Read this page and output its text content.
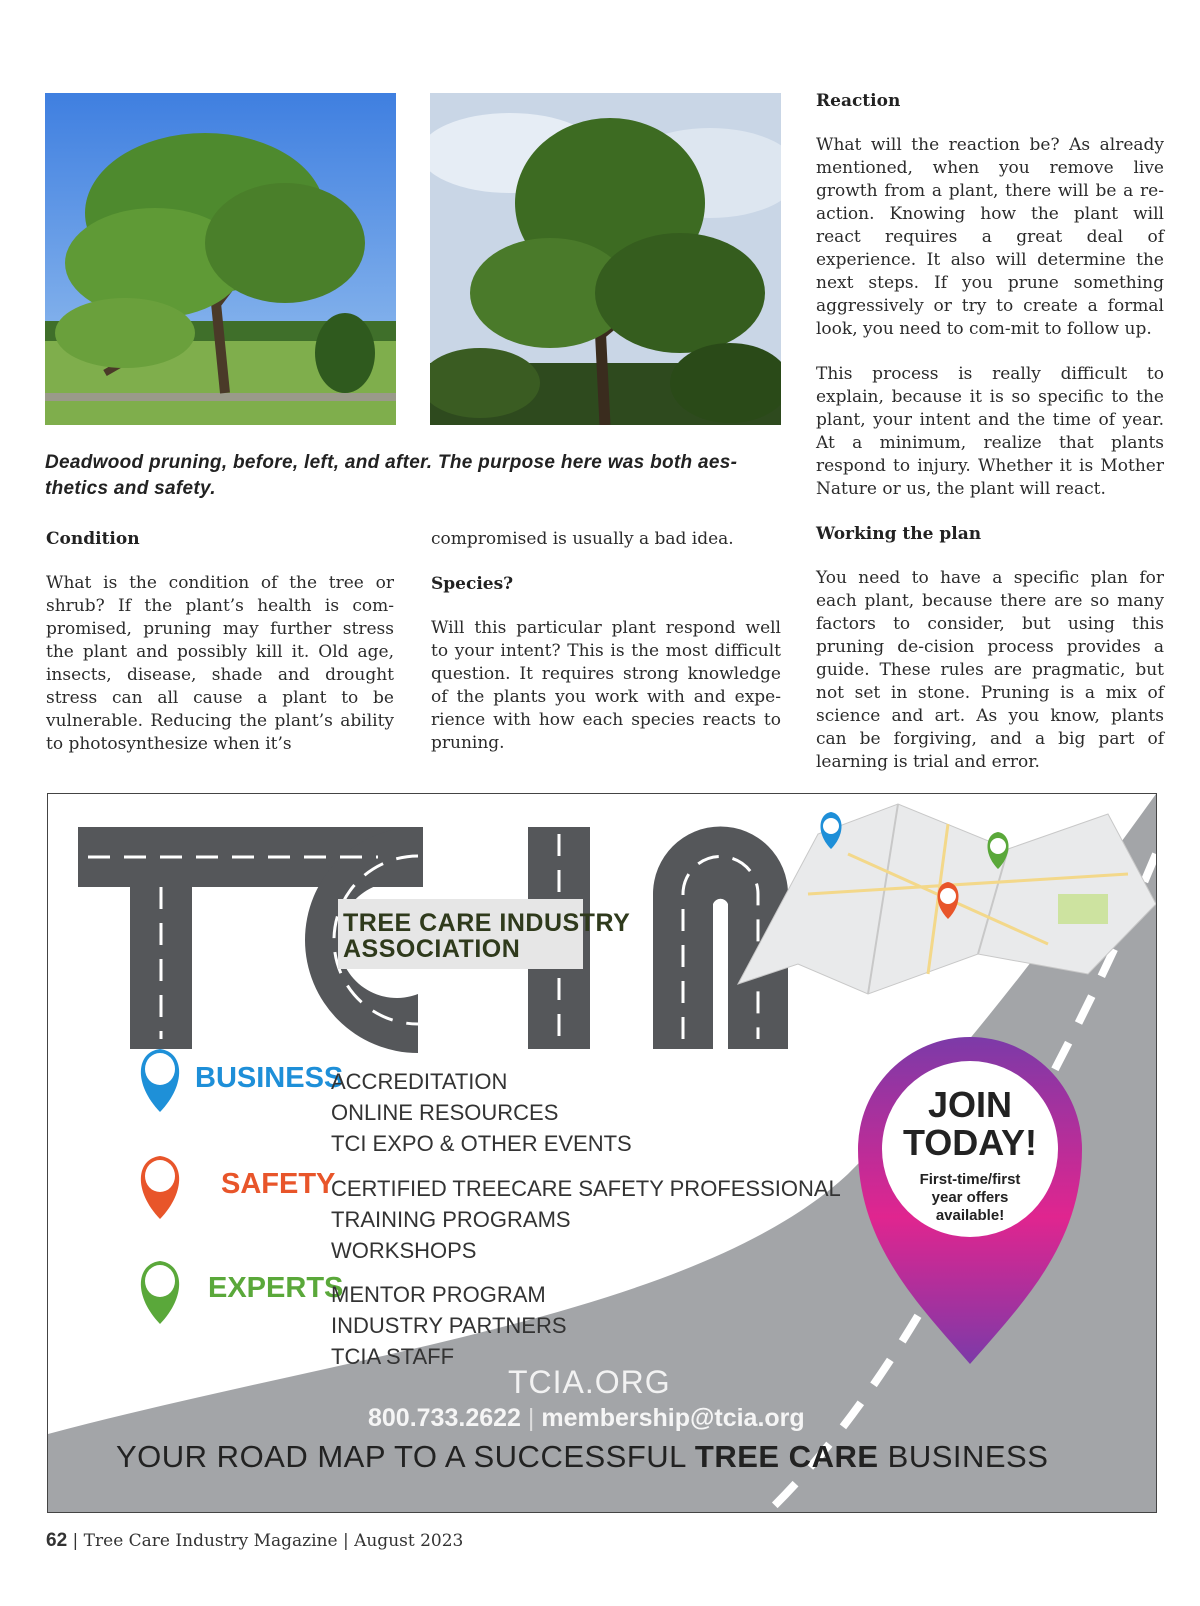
Deadwood pruning, before, left, and after. The purpose here was both aes-thetics and safety.
Condition

What is the condition of the tree or shrub? If the plant’s health is com-promised, pruning may further stress the plant and possibly kill it. Old age, insects, disease, shade and drought stress can all cause a plant to be vulnerable. Reducing the plant’s ability to photosynthesize when it’s

compromised is usually a bad idea.

Species?

Will this particular plant respond well to your intent? This is the most difficult question. It requires strong knowledge of the plants you work with and expe-rience with how each species reacts to pruning.

Reaction

What will the reaction be? As already mentioned, when you remove live growth from a plant, there will be a re-action. Knowing how the plant will react requires a great deal of experience. It also will determine the next steps. If you prune something aggressively or try to create a formal look, you need to com-mit to follow up.

This process is really difficult to explain, because it is so specific to the plant, your intent and the time of year. At a minimum, realize that plants respond to injury. Whether it is Mother Nature or us, the plant will react.

Working the plan

You need to have a specific plan for each plant, because there are so many factors to consider, but using this pruning de-cision process provides a guide. These rules are pragmatic, but not set in stone. Pruning is a mix of science and art. As you know, plants can be forgiving, and a big part of learning is trial and error.

TREE CARE INDUSTRY
ASSOCIATION
BUSINESS
ACCREDITATION
ONLINE RESOURCES
TCI EXPO & OTHER EVENTS
SAFETY
CERTIFIED TREECARE SAFETY PROFESSIONAL
TRAINING PROGRAMS
WORKSHOPS
EXPERTS
MENTOR PROGRAM
INDUSTRY PARTNERS
TCIA STAFF
JOIN
TODAY!
First-time/first
year offers
available!
TCIA.ORG
800.733.2622 | membership@tcia.org
YOUR ROAD MAP TO A SUCCESSFUL TREE CARE BUSINESS
62 | Tree Care Industry Magazine | August 2023
